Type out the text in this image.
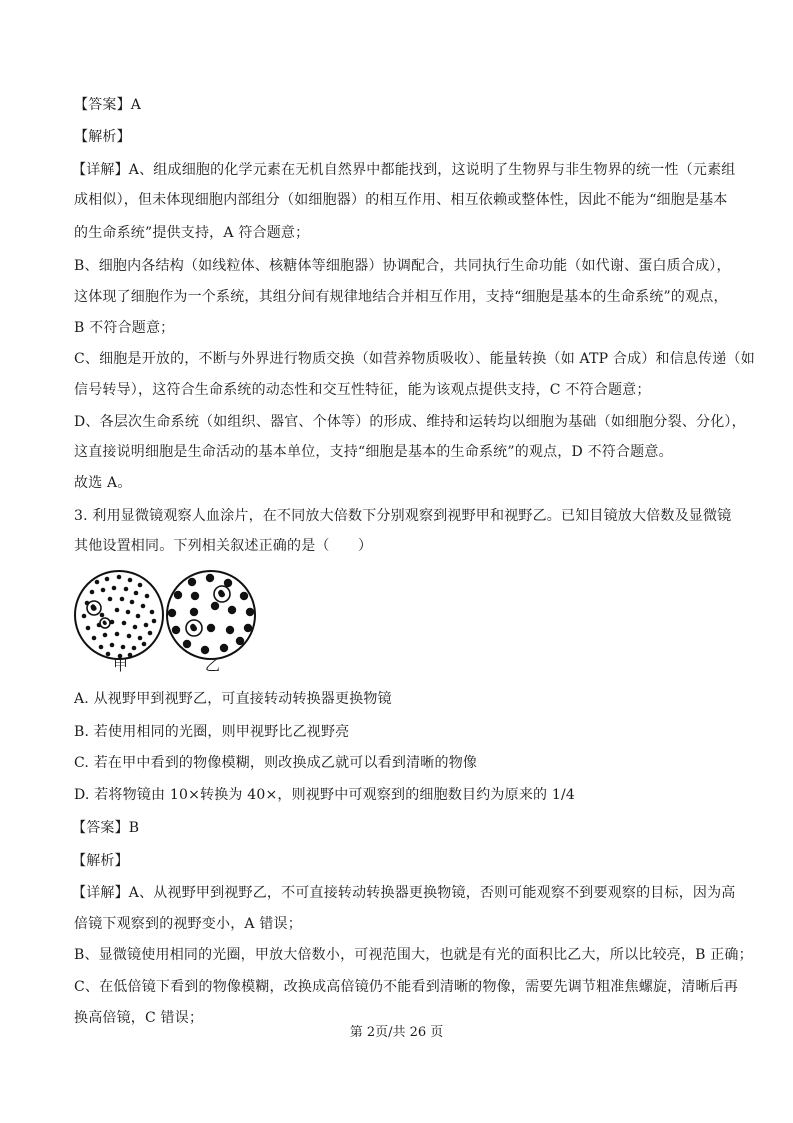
【答案】A
【解析】
【详解】A、组成细胞的化学元素在无机自然界中都能找到，这说明了生物界与非生物界的统一性（元素组
成相似），但未体现细胞内部组分（如细胞器）的相互作用、相互依赖或整体性，因此不能为“细胞是基本
的生命系统”提供支持，A 符合题意；
B、细胞内各结构（如线粒体、核糖体等细胞器）协调配合，共同执行生命功能（如代谢、蛋白质合成），
这体现了细胞作为一个系统，其组分间有规律地结合并相互作用，支持“细胞是基本的生命系统”的观点，
B 不符合题意；
C、细胞是开放的，不断与外界进行物质交换（如营养物质吸收）、能量转换（如 ATP 合成）和信息传递（如
信号转导），这符合生命系统的动态性和交互性特征，能为该观点提供支持，C 不符合题意；
D、各层次生命系统（如组织、器官、个体等）的形成、维持和运转均以细胞为基础（如细胞分裂、分化），
这直接说明细胞是生命活动的基本单位，支持“细胞是基本的生命系统”的观点，D 不符合题意。
故选 A。
3. 利用显微镜观察人血涂片，在不同放大倍数下分别观察到视野甲和视野乙。已知目镜放大倍数及显微镜
其他设置相同。下列相关叙述正确的是（　　）
A. 从视野甲到视野乙，可直接转动转换器更换物镜
B. 若使用相同的光圈，则甲视野比乙视野亮
C. 若在甲中看到的物像模糊，则改换成乙就可以看到清晰的物像
D. 若将物镜由 10×转换为 40×，则视野中可观察到的细胞数目约为原来的 1/4
【答案】B
【解析】
【详解】A、从视野甲到视野乙，不可直接转动转换器更换物镜，否则可能观察不到要观察的目标，因为高
倍镜下观察到的视野变小，A 错误；
B、显微镜使用相同的光圈，甲放大倍数小，可视范围大，也就是有光的面积比乙大，所以比较亮，B 正确；
C、在低倍镜下看到的物像模糊，改换成高倍镜仍不能看到清晰的物像，需要先调节粗准焦螺旋，清晰后再
换高倍镜，C 错误；
甲	乙
第 2页/共 26 页
